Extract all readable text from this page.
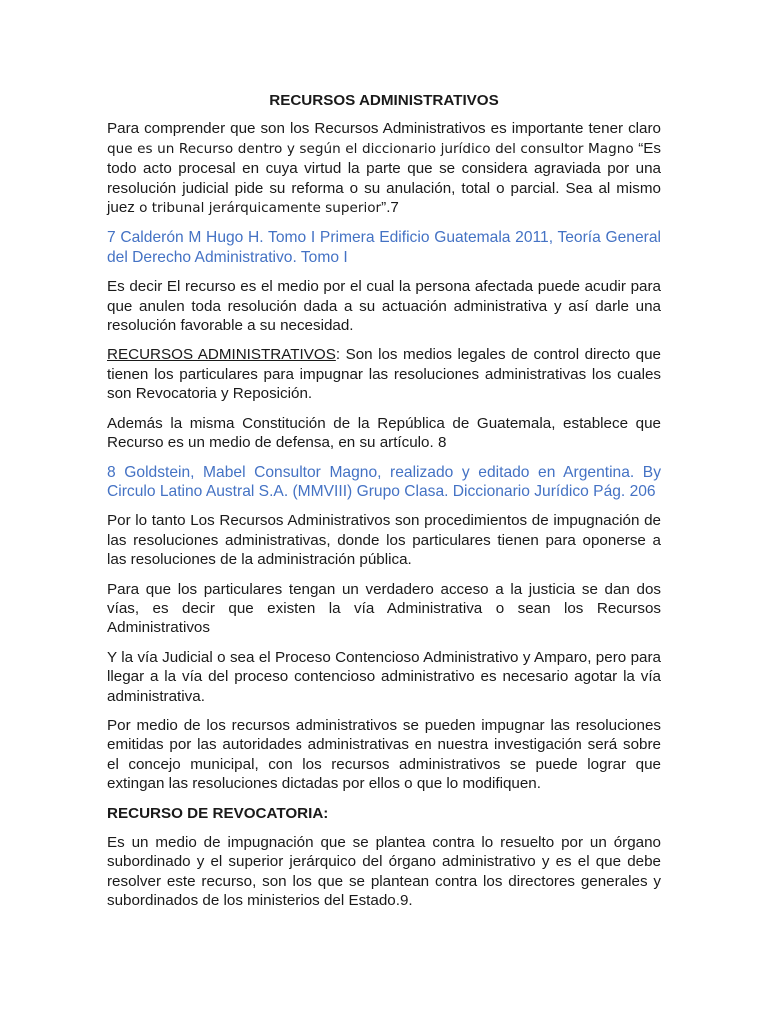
RECURSOS ADMINISTRATIVOS

Para comprender que son los Recursos Administrativos es importante tener claro que es un Recurso dentro y según el diccionario jurídico del consultor Magno “Es todo acto procesal en cuya virtud la parte que se considera agraviada por una resolución judicial pide su reforma o su anulación, total o parcial. Sea al mismo juez o tribunal jerárquicamente superior”.7

7 Calderón M Hugo H. Tomo I Primera Edificio Guatemala 2011, Teoría General del Derecho Administrativo. Tomo I

Es decir El recurso es el medio por el cual la persona afectada puede acudir para que anulen toda resolución dada a su actuación administrativa y así darle una resolución favorable a su necesidad.

RECURSOS ADMINISTRATIVOS: Son los medios legales de control directo que tienen los particulares para impugnar las resoluciones administrativas los cuales son Revocatoria y Reposición.

Además la misma Constitución de la República de Guatemala, establece que Recurso es un medio de defensa, en su artículo. 8

8 Goldstein, Mabel Consultor Magno, realizado y editado en Argentina. By Circulo Latino Austral S.A. (MMVIII) Grupo Clasa. Diccionario Jurídico Pág. 206

Por lo tanto Los Recursos Administrativos son procedimientos de impugnación de las resoluciones administrativas, donde los particulares tienen para oponerse a las resoluciones de la administración pública.

Para que los particulares tengan un verdadero acceso a la justicia se dan dos vías, es decir que existen la vía Administrativa o sean los Recursos Administrativos

Y la vía Judicial o sea el Proceso Contencioso Administrativo y Amparo, pero para llegar a la vía del proceso contencioso administrativo es necesario agotar la vía administrativa.

Por medio de los recursos administrativos se pueden impugnar las resoluciones emitidas por las autoridades administrativas en nuestra investigación será sobre el concejo municipal, con los recursos administrativos se puede lograr que extingan las resoluciones dictadas por ellos o que lo modifiquen.

RECURSO DE REVOCATORIA:

Es un medio de impugnación que se plantea contra lo resuelto por un órgano subordinado y el superior jerárquico del órgano administrativo y es el que debe resolver este recurso, son los que se plantean contra los directores generales y subordinados de los ministerios del Estado.9.
